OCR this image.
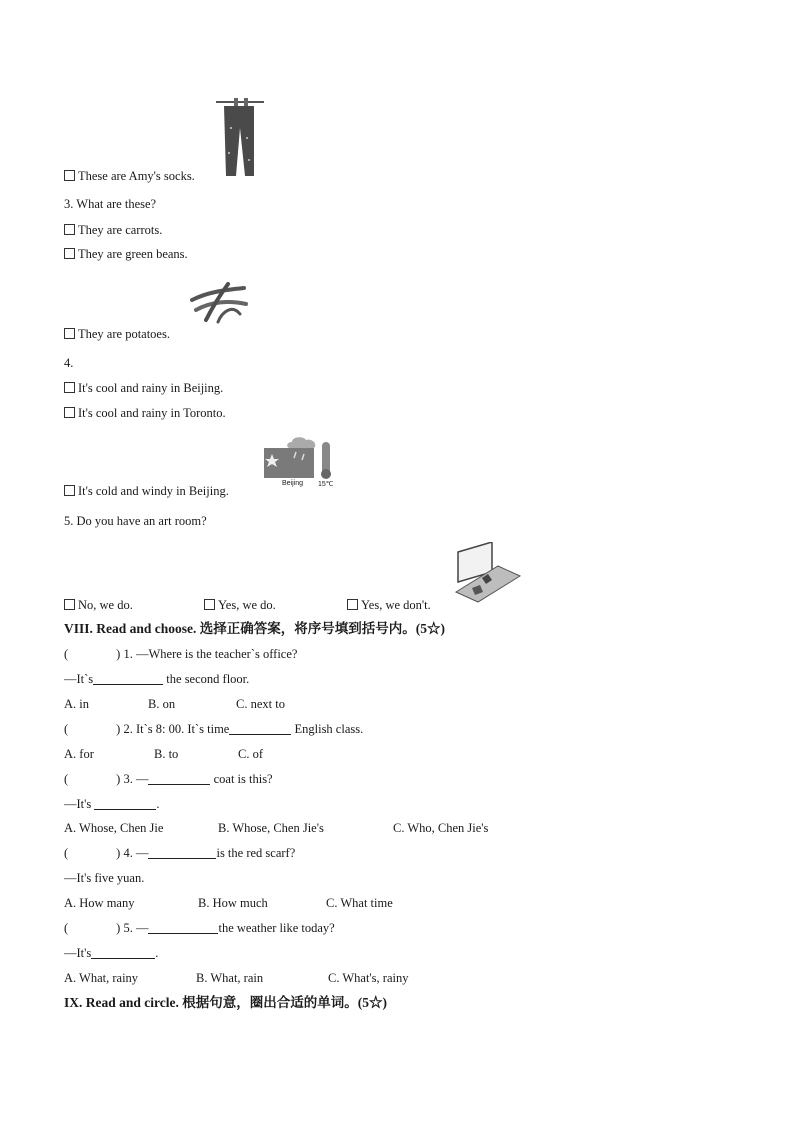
These are Amy's socks.
3. What are these?
They are carrots.
They are green beans.
They are potatoes.
4.
It's cool and rainy in Beijing.
It's cool and rainy in Toronto.
Beijing 15℃
It's cold and windy in Beijing.
5. Do you have an art room?
No, we do.	Yes, we do.	Yes, we don't.
VIII. Read and choose. 选择正确答案，将序号填到括号内。(5☆)
(	) 1. —Where is the teacher`s office?
—It`s	the second floor.
A. in	B. on	C. next to
(	) 2. It`s 8: 00. It`s time	English class.
A. for	B. to	C. of
(	) 3. —	coat is this?
—It's	.
A. Whose, Chen Jie	B. Whose, Chen Jie's	C. Who, Chen Jie's
(	) 4. —	is the red scarf?
—It's five yuan.
A. How many	B. How much	C. What time
(	) 5. —	the weather like today?
—It's	.
A. What, rainy	B. What, rain	C. What's, rainy
IX. Read and circle. 根据句意，圈出合适的单词。(5☆)
